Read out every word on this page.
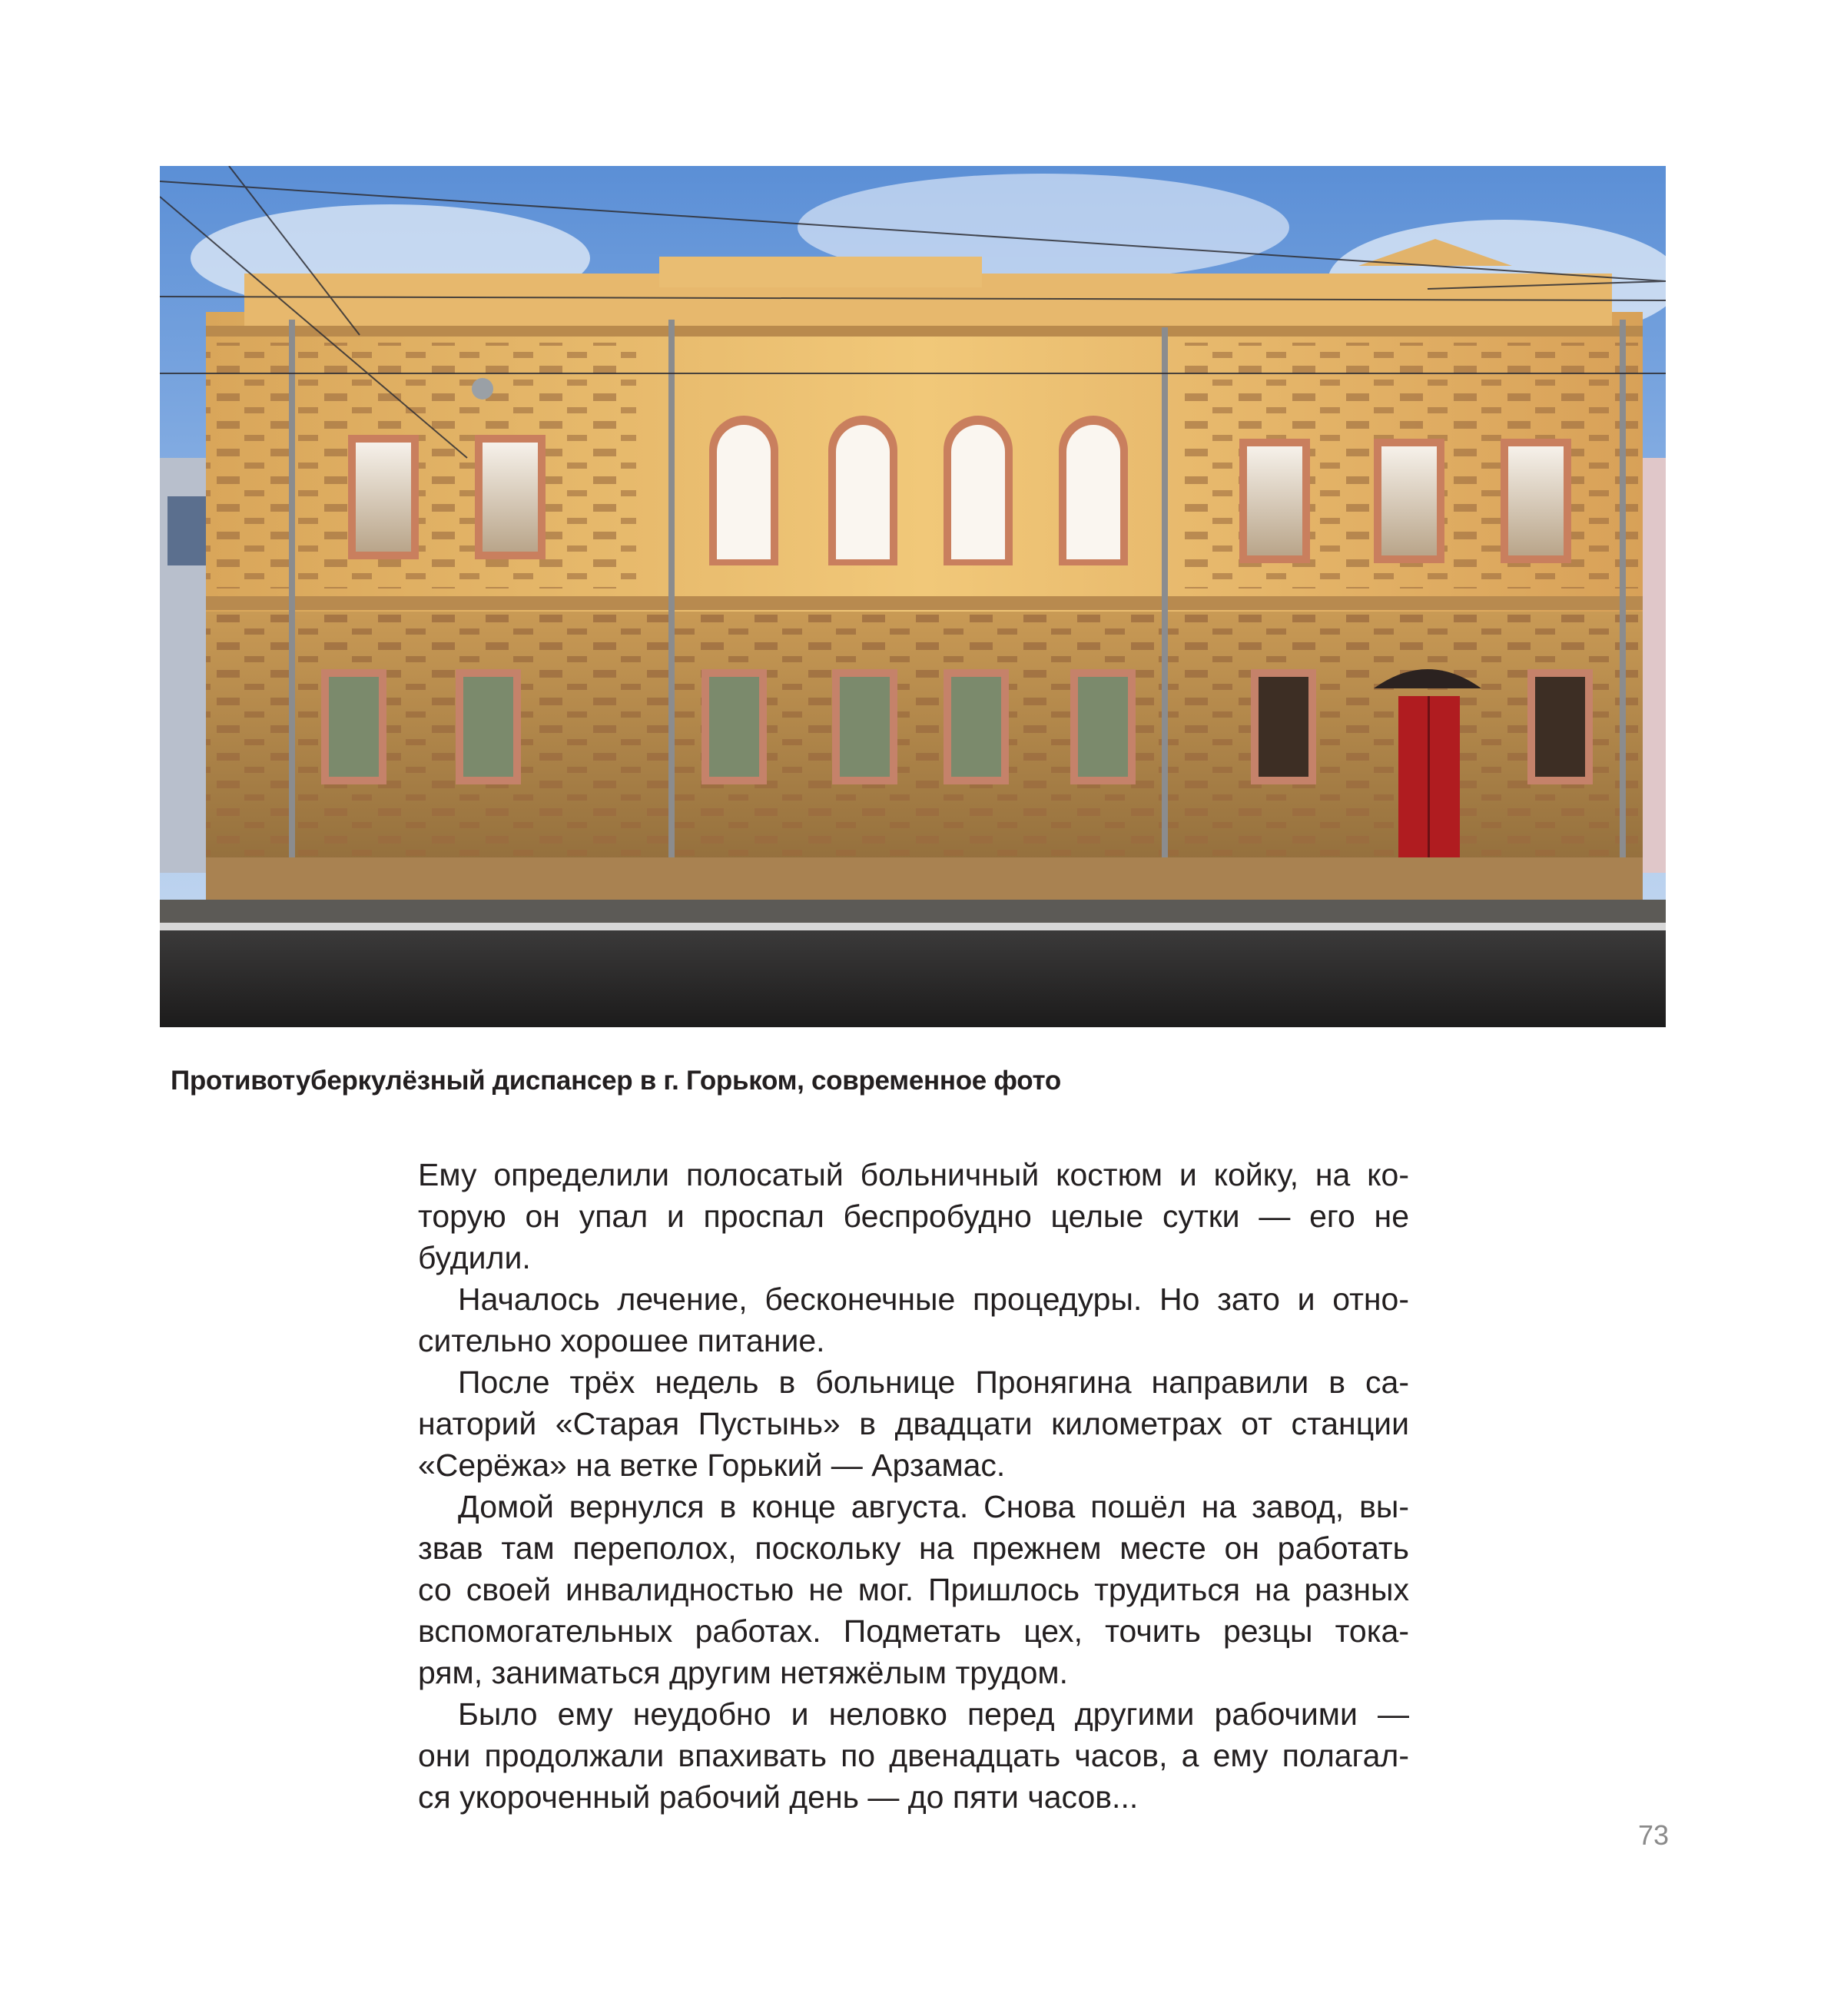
Противотуберкулёзный диспансер в г. Горьком, современное фото
Ему определили полосатый больничный костюм и койку, на ко-
торую он упал и проспал беспробудно целые сутки — его не
будили.
Началось лечение, бесконечные процедуры. Но зато и отно-
сительно хорошее питание.
После трёх недель в больнице Пронягина направили в са-
наторий «Старая Пустынь» в двадцати километрах от станции
«Серёжа» на ветке Горький — Арзамас.
Домой вернулся в конце августа. Снова пошёл на завод, вы-
звав там переполох, поскольку на прежнем месте он работать
со своей инвалидностью не мог. Пришлось трудиться на разных
вспомогательных работах. Подметать цех, точить резцы тока-
рям, заниматься другим нетяжёлым трудом.
Было ему неудобно и неловко перед другими рабочими —
они продолжали впахивать по двенадцать часов, а ему полагал-
ся укороченный рабочий день — до пяти часов...
73
